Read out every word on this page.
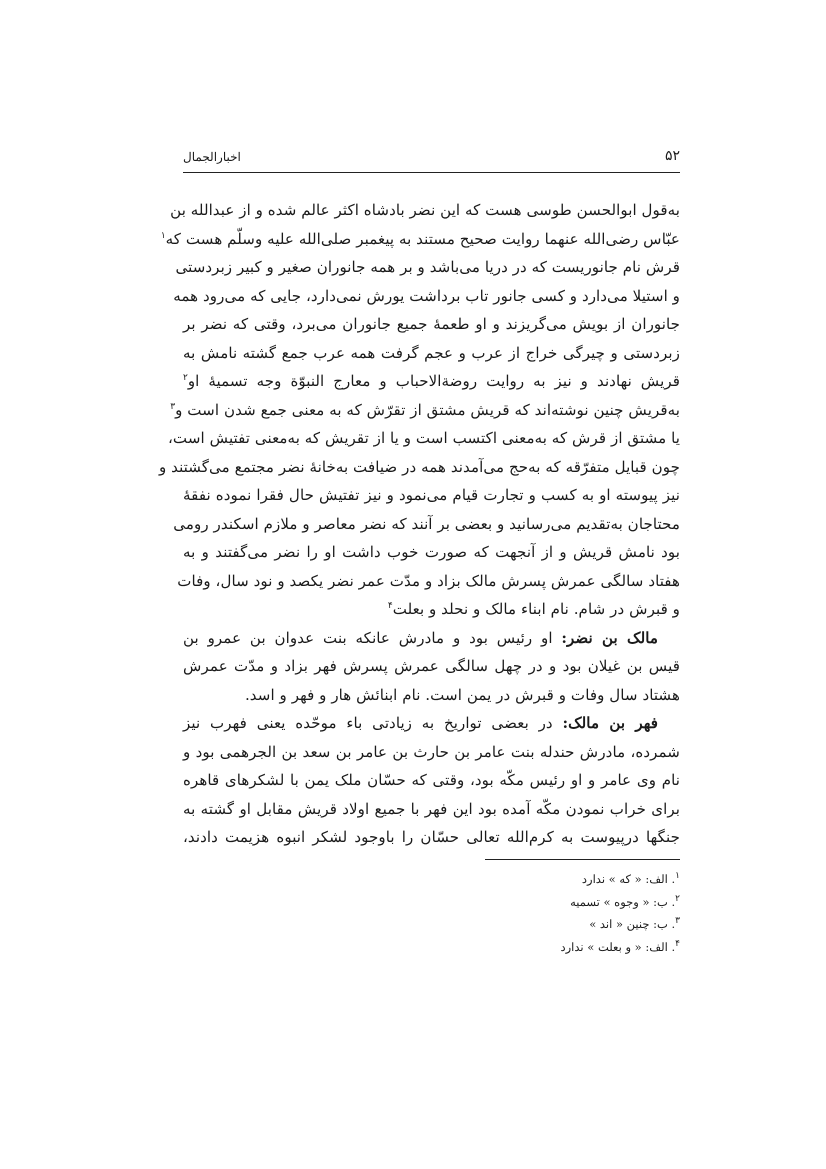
۵۲
اخبارالجمال
به‌قول ابوالحسن طوسی هست که این نضر بادشاه اکثر عالم شده و از عبدالله بن
عبّاس رضی‌الله عنهما روایت صحیح مستند به پیغمبر صلی‌الله علیه وسلّم هست که$^۱$
قرش نام جانوریست که در دریا می‌باشد و بر همه جانوران صغیر و کبیر زبردستی
و استیلا می‌دارد و کسی جانور تاب برداشت یورش نمی‌دارد، جایی که می‌رود همه
جانوران از بویش می‌گریزند و او طعمهٔ جمیع جانوران می‌برد، وقتی که نضر بر
زبردستی و چیرگی خراج از عرب و عجم گرفت همه عرب جمع گشته نامش به
قریش نهادند و نیز به روایت روضةالاحباب و معارج النبوّة وجه تسمیهٔ او$^۲$
به‌قریش چنین نوشته‌اند که قریش مشتق از تقرّش که به معنی جمع شدن است و$^۳$
یا مشتق از قرش که به‌معنی اکتسب است و یا از تقریش که به‌معنی تفتیش است،
چون قبایل متفرّقه که به‌حج می‌آمدند همه در ضیافت به‌خانهٔ نضر مجتمع می‌گشتند و
نیز پیوسته او به کسب و تجارت قیام می‌نمود و نیز تفتیش حال فقرا نموده نفقهٔ
محتاجان به‌تقدیم می‌رسانید و بعضی بر آنند که نضر معاصر و ملازم اسکندر رومی
بود نامش قریش و از آنجهت که صورت خوب داشت او را نضر می‌گفتند و به
هفتاد سالگی عمرش پسرش مالک بزاد و مدّت عمر نضر یکصد و نود سال، وفات
و قبرش در شام. نام ابناء مالک و نحلد و بعلت$^۴$
مالک بن نضر: او رئیس بود و مادرش عانکه بنت عدوان بن عمرو بن
قیس بن غیلان بود و در چهل سالگی عمرش پسرش فهر بزاد و مدّت عمرش
هشتاد سال وفات و قبرش در یمن است. نام ابنائش هار و فهر و اسد.
فهر بن مالک: در بعضی تواریخ به زیادتی باء موحّده یعنی فهرب نیز
شمرده، مادرش حندله بنت عامر بن حارث بن عامر بن سعد بن الجرهمی بود و
نام وی عامر و او رئیس مکّه بود، وقتی که حسّان ملک یمن با لشکرهای قاهره
برای خراب نمودن مکّه آمده بود این فهر با جمیع اولاد قریش مقابل او گشته به
جنگها درپیوست به کرم‌الله تعالی حسّان را باوجود لشکر انبوه هزیمت دادند،
$^۱$. الف: « که » ندارد
$^۲$. ب: « وجوه » تسمیه
$^۳$. ب: چنین « اند »
$^۴$. الف: « و بعلت » ندارد
